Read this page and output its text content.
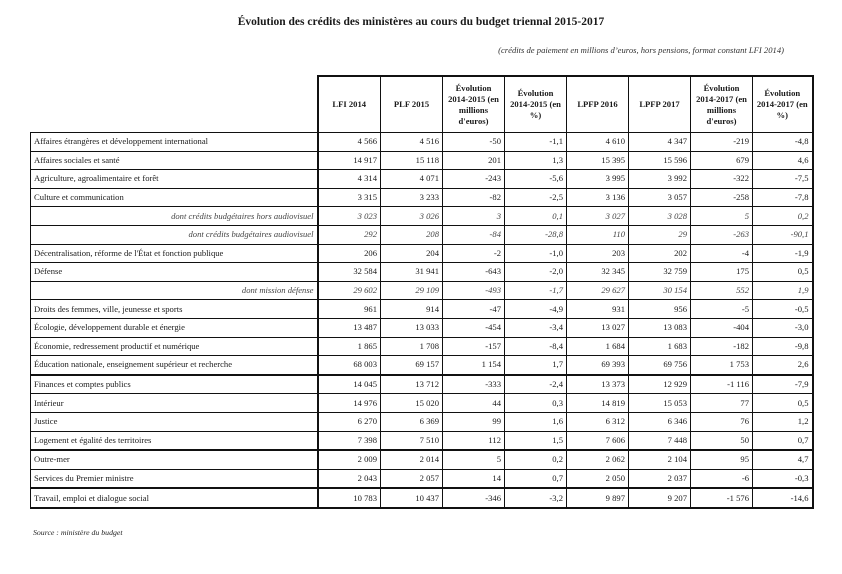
Évolution des crédits des ministères au cours du budget triennal 2015-2017
(crédits de paiement en millions d’euros, hors pensions, format constant LFI 2014)
	LFI 2014	PLF 2015	Évolution 2014-2015 (en millions d'euros)	Évolution 2014-2015 (en %)	LPFP 2016	LPFP 2017	Évolution 2014-2017 (en millions d'euros)	Évolution 2014-2017 (en %)
Affaires étrangères et développement international	4 566	4 516	-50	-1,1	4 610	4 347	-219	-4,8
Affaires sociales et santé	14 917	15 118	201	1,3	15 395	15 596	679	4,6
Agriculture, agroalimentaire et forêt	4 314	4 071	-243	-5,6	3 995	3 992	-322	-7,5
Culture et communication	3 315	3 233	-82	-2,5	3 136	3 057	-258	-7,8
dont crédits budgétaires hors audiovisuel	3 023	3 026	3	0,1	3 027	3 028	5	0,2
dont crédits budgétaires audiovisuel	292	208	-84	-28,8	110	29	-263	-90,1
Décentralisation, réforme de l'État et fonction publique	206	204	-2	-1,0	203	202	-4	-1,9
Défense	32 584	31 941	-643	-2,0	32 345	32 759	175	0,5
dont mission défense	29 602	29 109	-493	-1,7	29 627	30 154	552	1,9
Droits des femmes, ville, jeunesse et sports	961	914	-47	-4,9	931	956	-5	-0,5
Écologie, développement durable et énergie	13 487	13 033	-454	-3,4	13 027	13 083	-404	-3,0
Économie, redressement productif et numérique	1 865	1 708	-157	-8,4	1 684	1 683	-182	-9,8
Éducation nationale, enseignement supérieur et recherche	68 003	69 157	1 154	1,7	69 393	69 756	1 753	2,6
Finances et comptes publics	14 045	13 712	-333	-2,4	13 373	12 929	-1 116	-7,9
Intérieur	14 976	15 020	44	0,3	14 819	15 053	77	0,5
Justice	6 270	6 369	99	1,6	6 312	6 346	76	1,2
Logement et égalité des territoires	7 398	7 510	112	1,5	7 606	7 448	50	0,7
Outre-mer	2 009	2 014	5	0,2	2 062	2 104	95	4,7
Services du Premier ministre	2 043	2 057	14	0,7	2 050	2 037	-6	-0,3
Travail, emploi et dialogue social	10 783	10 437	-346	-3,2	9 897	9 207	-1 576	-14,6
Source : ministère du budget
